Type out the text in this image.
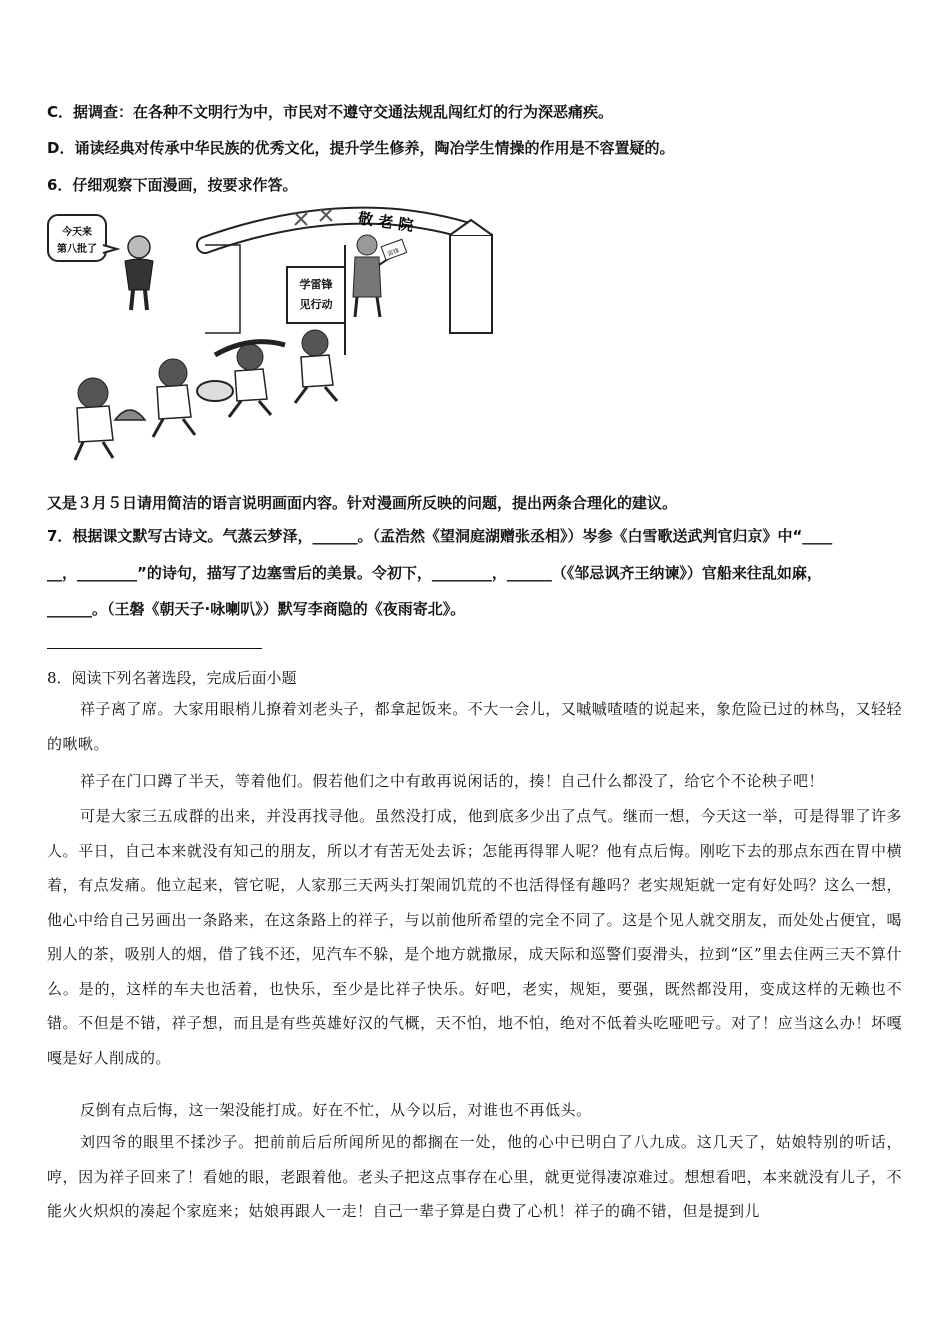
C．据调查：在各种不文明行为中，市民对不遵守交通法规乱闯红灯的行为深恶痛疾。
D．诵读经典对传承中华民族的优秀文化，提升学生修养，陶冶学生情操的作用是不容置疑的。
6．仔细观察下面漫画，按要求作答。
今天来
第八批了
敬 老 院
雷锋
学雷锋
见行动
又是３月５日请用简洁的语言说明画面内容。针对漫画所反映的问题，提出两条合理化的建议。
7．根据课文默写古诗文。气蒸云梦泽，______。（孟浩然《望洞庭湖赠张丞相》）岑参《白雪歌送武判官归京》中“____
__，________”的诗句，描写了边塞雪后的美景。令初下，________，______（《邹忌讽齐王纳谏》）官船来往乱如麻，
______。（王磐《朝天子·咏喇叭》）默写李商隐的《夜雨寄北》。
8．阅读下列名著选段，完成后面小题
祥子离了席。大家用眼梢儿撩着刘老头子，都拿起饭来。不大一会儿，又嘁嘁喳喳的说起来，象危险已过的林鸟，又轻轻的啾啾。
祥子在门口蹲了半天，等着他们。假若他们之中有敢再说闲话的，揍！自己什么都没了，给它个不论秧子吧！
可是大家三五成群的出来，并没再找寻他。虽然没打成，他到底多少出了点气。继而一想，今天这一举，可是得罪了许多人。平日，自己本来就没有知己的朋友，所以才有苦无处去诉；怎能再得罪人呢？他有点后悔。刚吃下去的那点东西在胃中横着，有点发痛。他立起来，管它呢，人家那三天两头打架闹饥荒的不也活得怪有趣吗？老实规矩就一定有好处吗？这么一想，他心中给自己另画出一条路来，在这条路上的祥子，与以前他所希望的完全不同了。这是个见人就交朋友，而处处占便宜，喝别人的茶，吸别人的烟，借了钱不还，见汽车不躲，是个地方就撒尿，成天际和巡警们耍滑头，拉到“区”里去住两三天不算什么。是的，这样的车夫也活着，也快乐，至少是比祥子快乐。好吧，老实，规矩，要强，既然都没用，变成这样的无赖也不错。不但是不错，祥子想，而且是有些英雄好汉的气概，天不怕，地不怕，绝对不低着头吃哑吧亏。对了！应当这么办！坏嘎嘎是好人削成的。
反倒有点后悔，这一架没能打成。好在不忙，从今以后，对谁也不再低头。
刘四爷的眼里不揉沙子。把前前后后所闻所见的都搁在一处，他的心中已明白了八九成。这几天了，姑娘特别的听话，哼，因为祥子回来了！看她的眼，老跟着他。老头子把这点事存在心里，就更觉得凄凉难过。想想看吧，本来就没有儿子，不能火火炽炽的凑起个家庭来；姑娘再跟人一走！自己一辈子算是白费了心机！祥子的确不错，但是提到儿
